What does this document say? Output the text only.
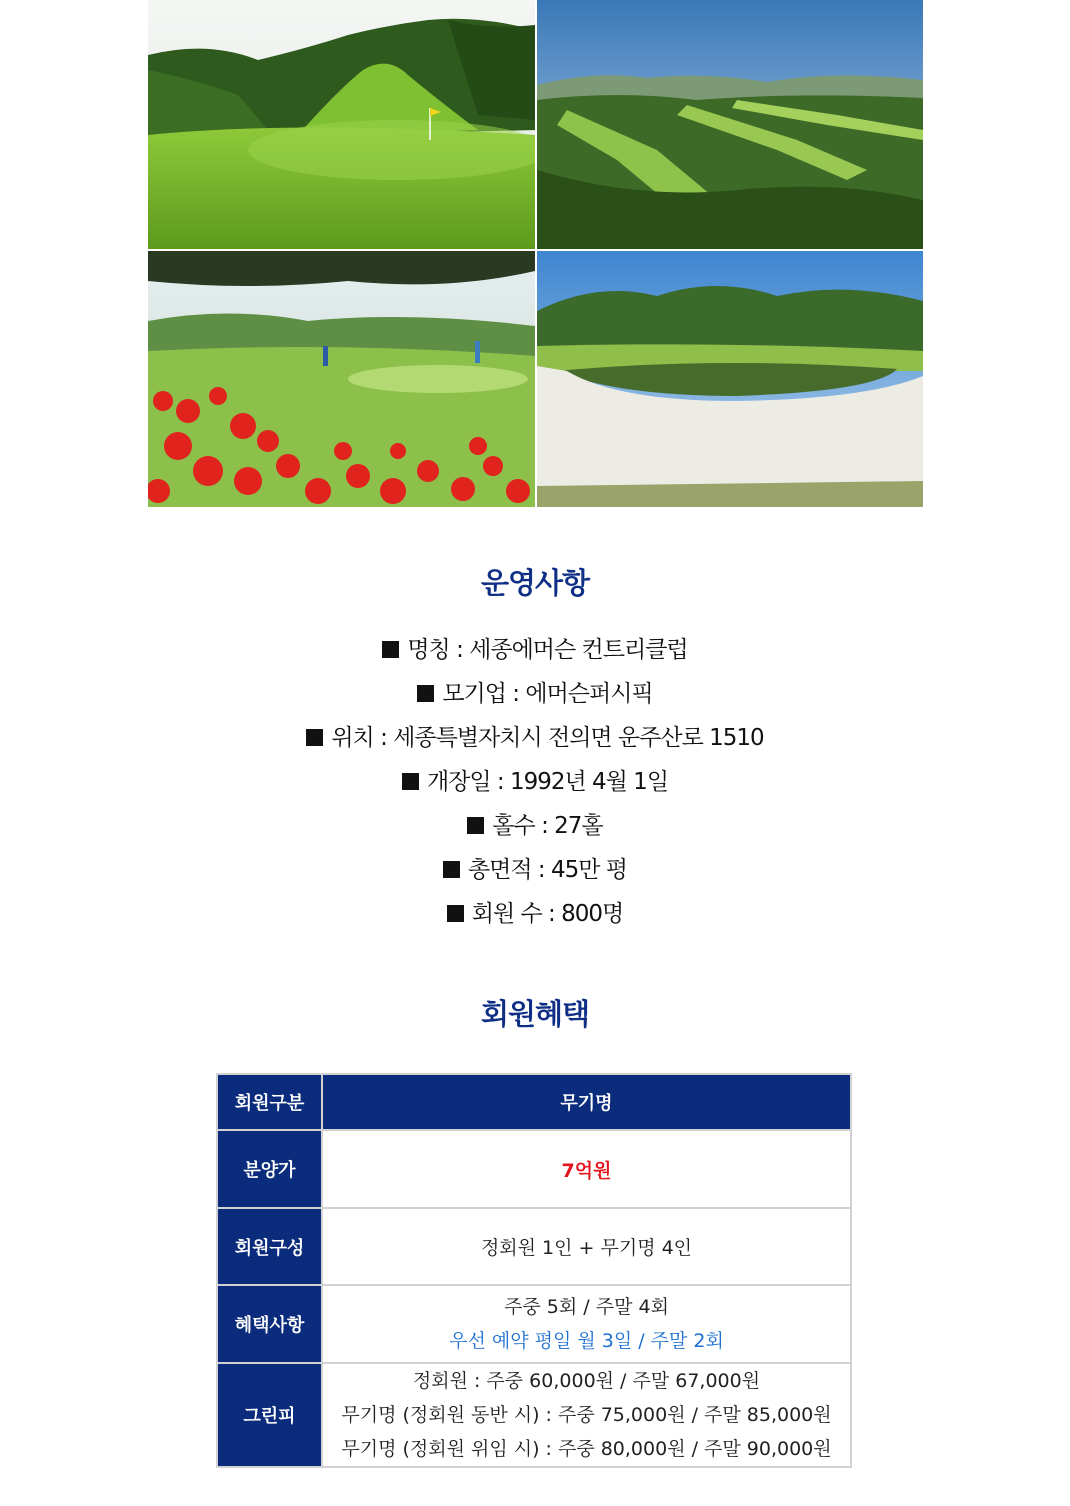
운영사항
명칭 : 세종에머슨 컨트리클럽
모기업 : 에머슨퍼시픽
위치 : 세종특별자치시 전의면 운주산로 1510
개장일 : 1992년 4월 1일
홀수 : 27홀
총면적 : 45만 평
회원 수 : 800명
회원혜택
회원구분	무기명
분양가	7억원
회원구성	정회원 1인 + 무기명 4인
혜택사항	주중 5회 / 주말 4회
우선 예약 평일 월 3일 / 주말 2회

그린피	정회원 : 주중 60,000원 / 주말 67,000원
무기명 (정회원 동반 시) : 주중 75,000원 / 주말 85,000원
무기명 (정회원 위임 시) : 주중 80,000원 / 주말 90,000원
